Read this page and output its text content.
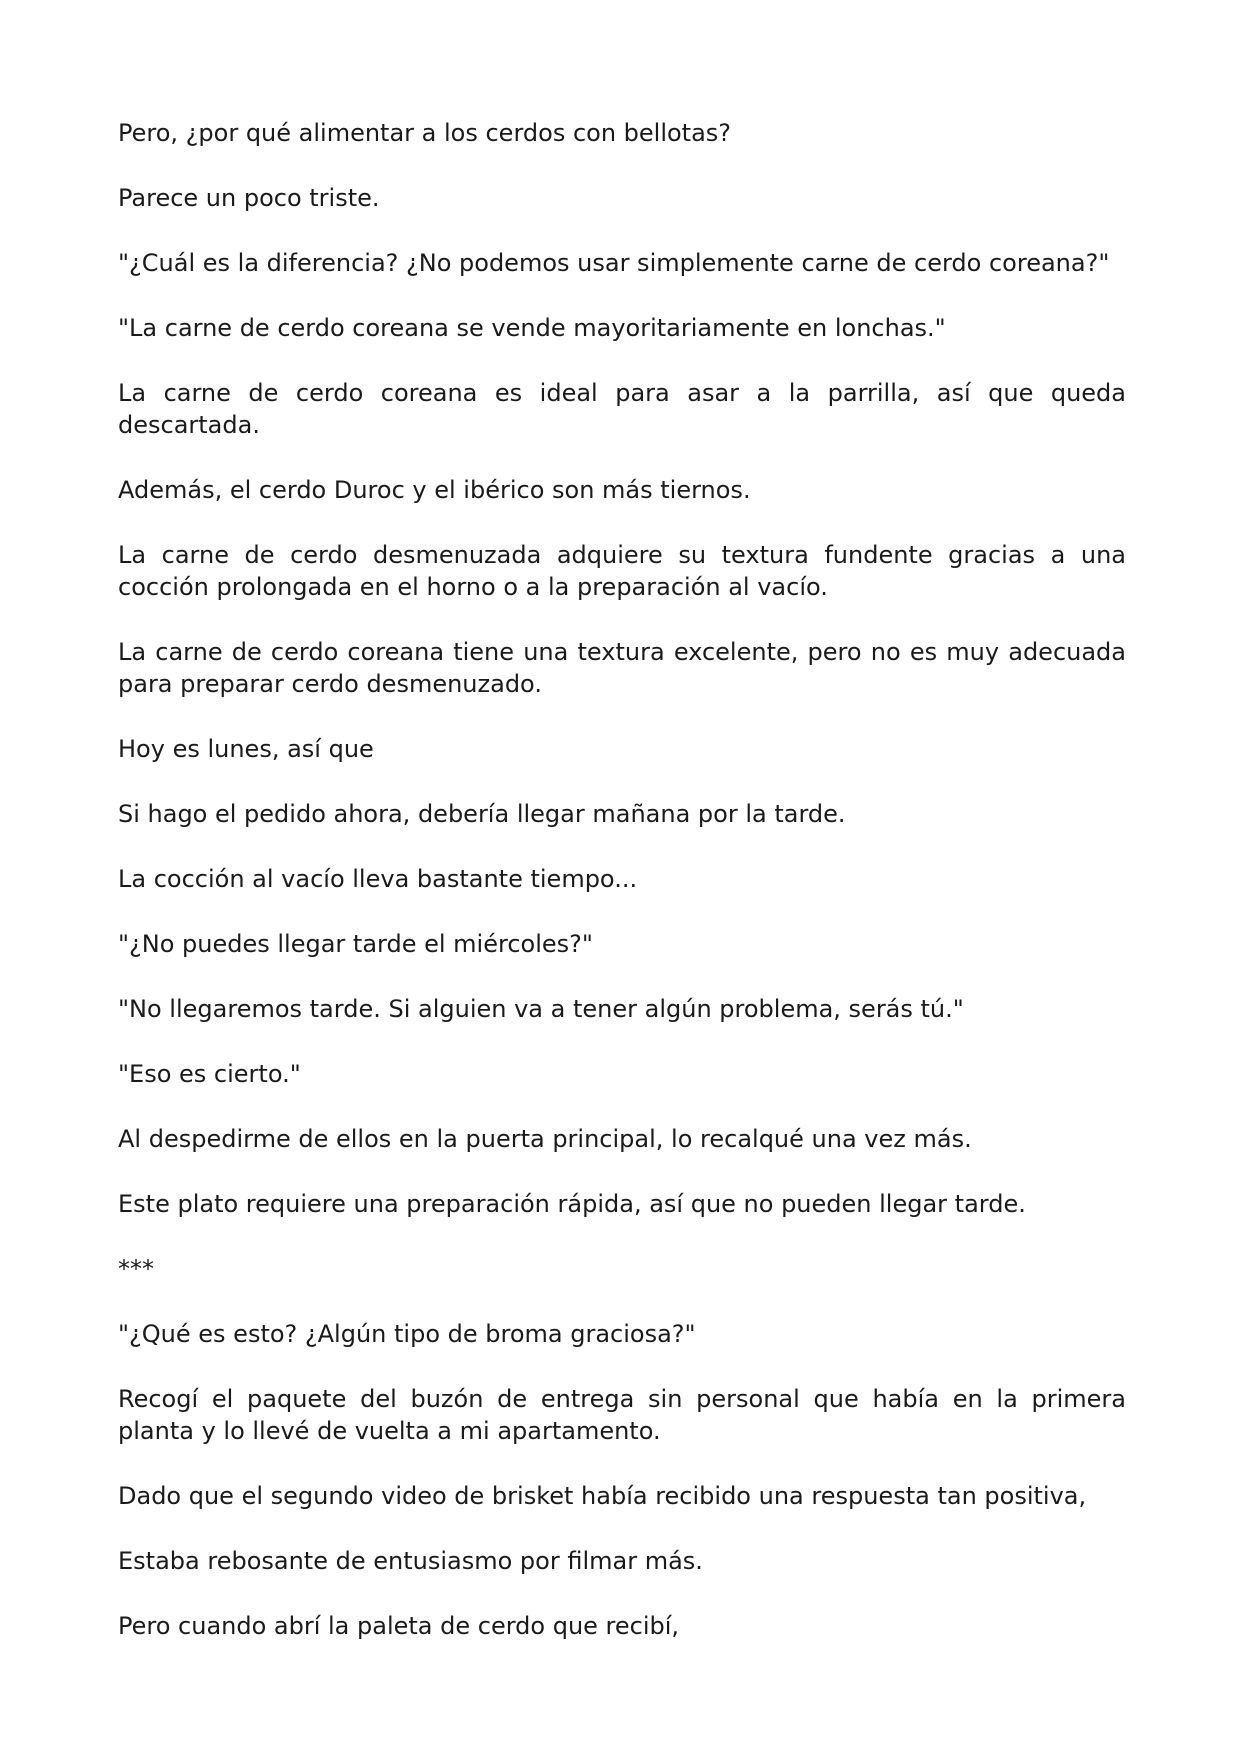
Pero, ¿por qué alimentar a los cerdos con bellotas?

Parece un poco triste.

"¿Cuál es la diferencia? ¿No podemos usar simplemente carne de cerdo coreana?"

"La carne de cerdo coreana se vende mayoritariamente en lonchas."

La carne de cerdo coreana es ideal para asar a la parrilla, así que queda descartada.

Además, el cerdo Duroc y el ibérico son más tiernos.

La carne de cerdo desmenuzada adquiere su textura fundente gracias a una cocción prolongada en el horno o a la preparación al vacío.

La carne de cerdo coreana tiene una textura excelente, pero no es muy adecuada para preparar cerdo desmenuzado.

Hoy es lunes, así que

Si hago el pedido ahora, debería llegar mañana por la tarde.

La cocción al vacío lleva bastante tiempo...

"¿No puedes llegar tarde el miércoles?"

"No llegaremos tarde. Si alguien va a tener algún problema, serás tú."

"Eso es cierto."

Al despedirme de ellos en la puerta principal, lo recalqué una vez más.

Este plato requiere una preparación rápida, así que no pueden llegar tarde.

***

"¿Qué es esto? ¿Algún tipo de broma graciosa?"

Recogí el paquete del buzón de entrega sin personal que había en la primera planta y lo llevé de vuelta a mi apartamento.

Dado que el segundo video de brisket había recibido una respuesta tan positiva,

Estaba rebosante de entusiasmo por filmar más.

Pero cuando abrí la paleta de cerdo que recibí,
